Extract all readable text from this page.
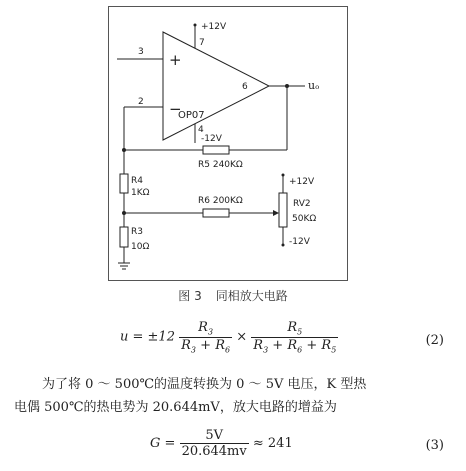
+12V
7
3 +
OP07
6	uₒ
2 −
4
-12V
R5 240KΩ
R4
1KΩ
R6 200KΩ
R3
10Ω
+12V
RV2
50KΩ
-12V
图 3 同相放大电路
$u = \pm 12 \frac{R_3}{R_3 + R_6} \times \frac{R_5}{R_3 + R_6 + R_5}$	(2)
为了将 0 ～ 500℃的温度转换为 0 ～ 5V 电压，K 型热
电偶 500℃的热电势为 20.644mV，放大电路的增益为
$G = \frac{5V}{20.644mv} \approx 241$	(3)
